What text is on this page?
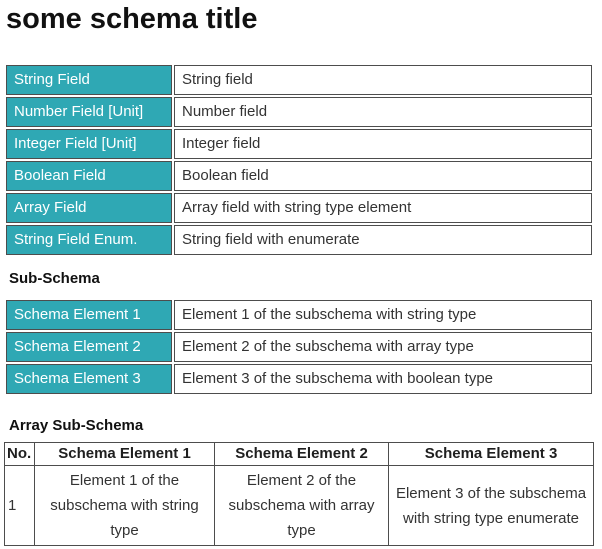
some schema title
String Field	String field
Number Field [Unit]	Number field
Integer Field [Unit]	Integer field
Boolean Field	Boolean field
Array Field	Array field with string type element
String Field Enum.	String field with enumerate
Sub-Schema
Schema Element 1	Element 1 of the subschema with string type
Schema Element 2	Element 2 of the subschema with array type
Schema Element 3	Element 3 of the subschema with boolean type
Array Sub-Schema
No.	Schema Element 1	Schema Element 2	Schema Element 3
1	Element 1 of the subschema with string type	Element 2 of the subschema with array type	Element 3 of the subschema with string type enumerate
